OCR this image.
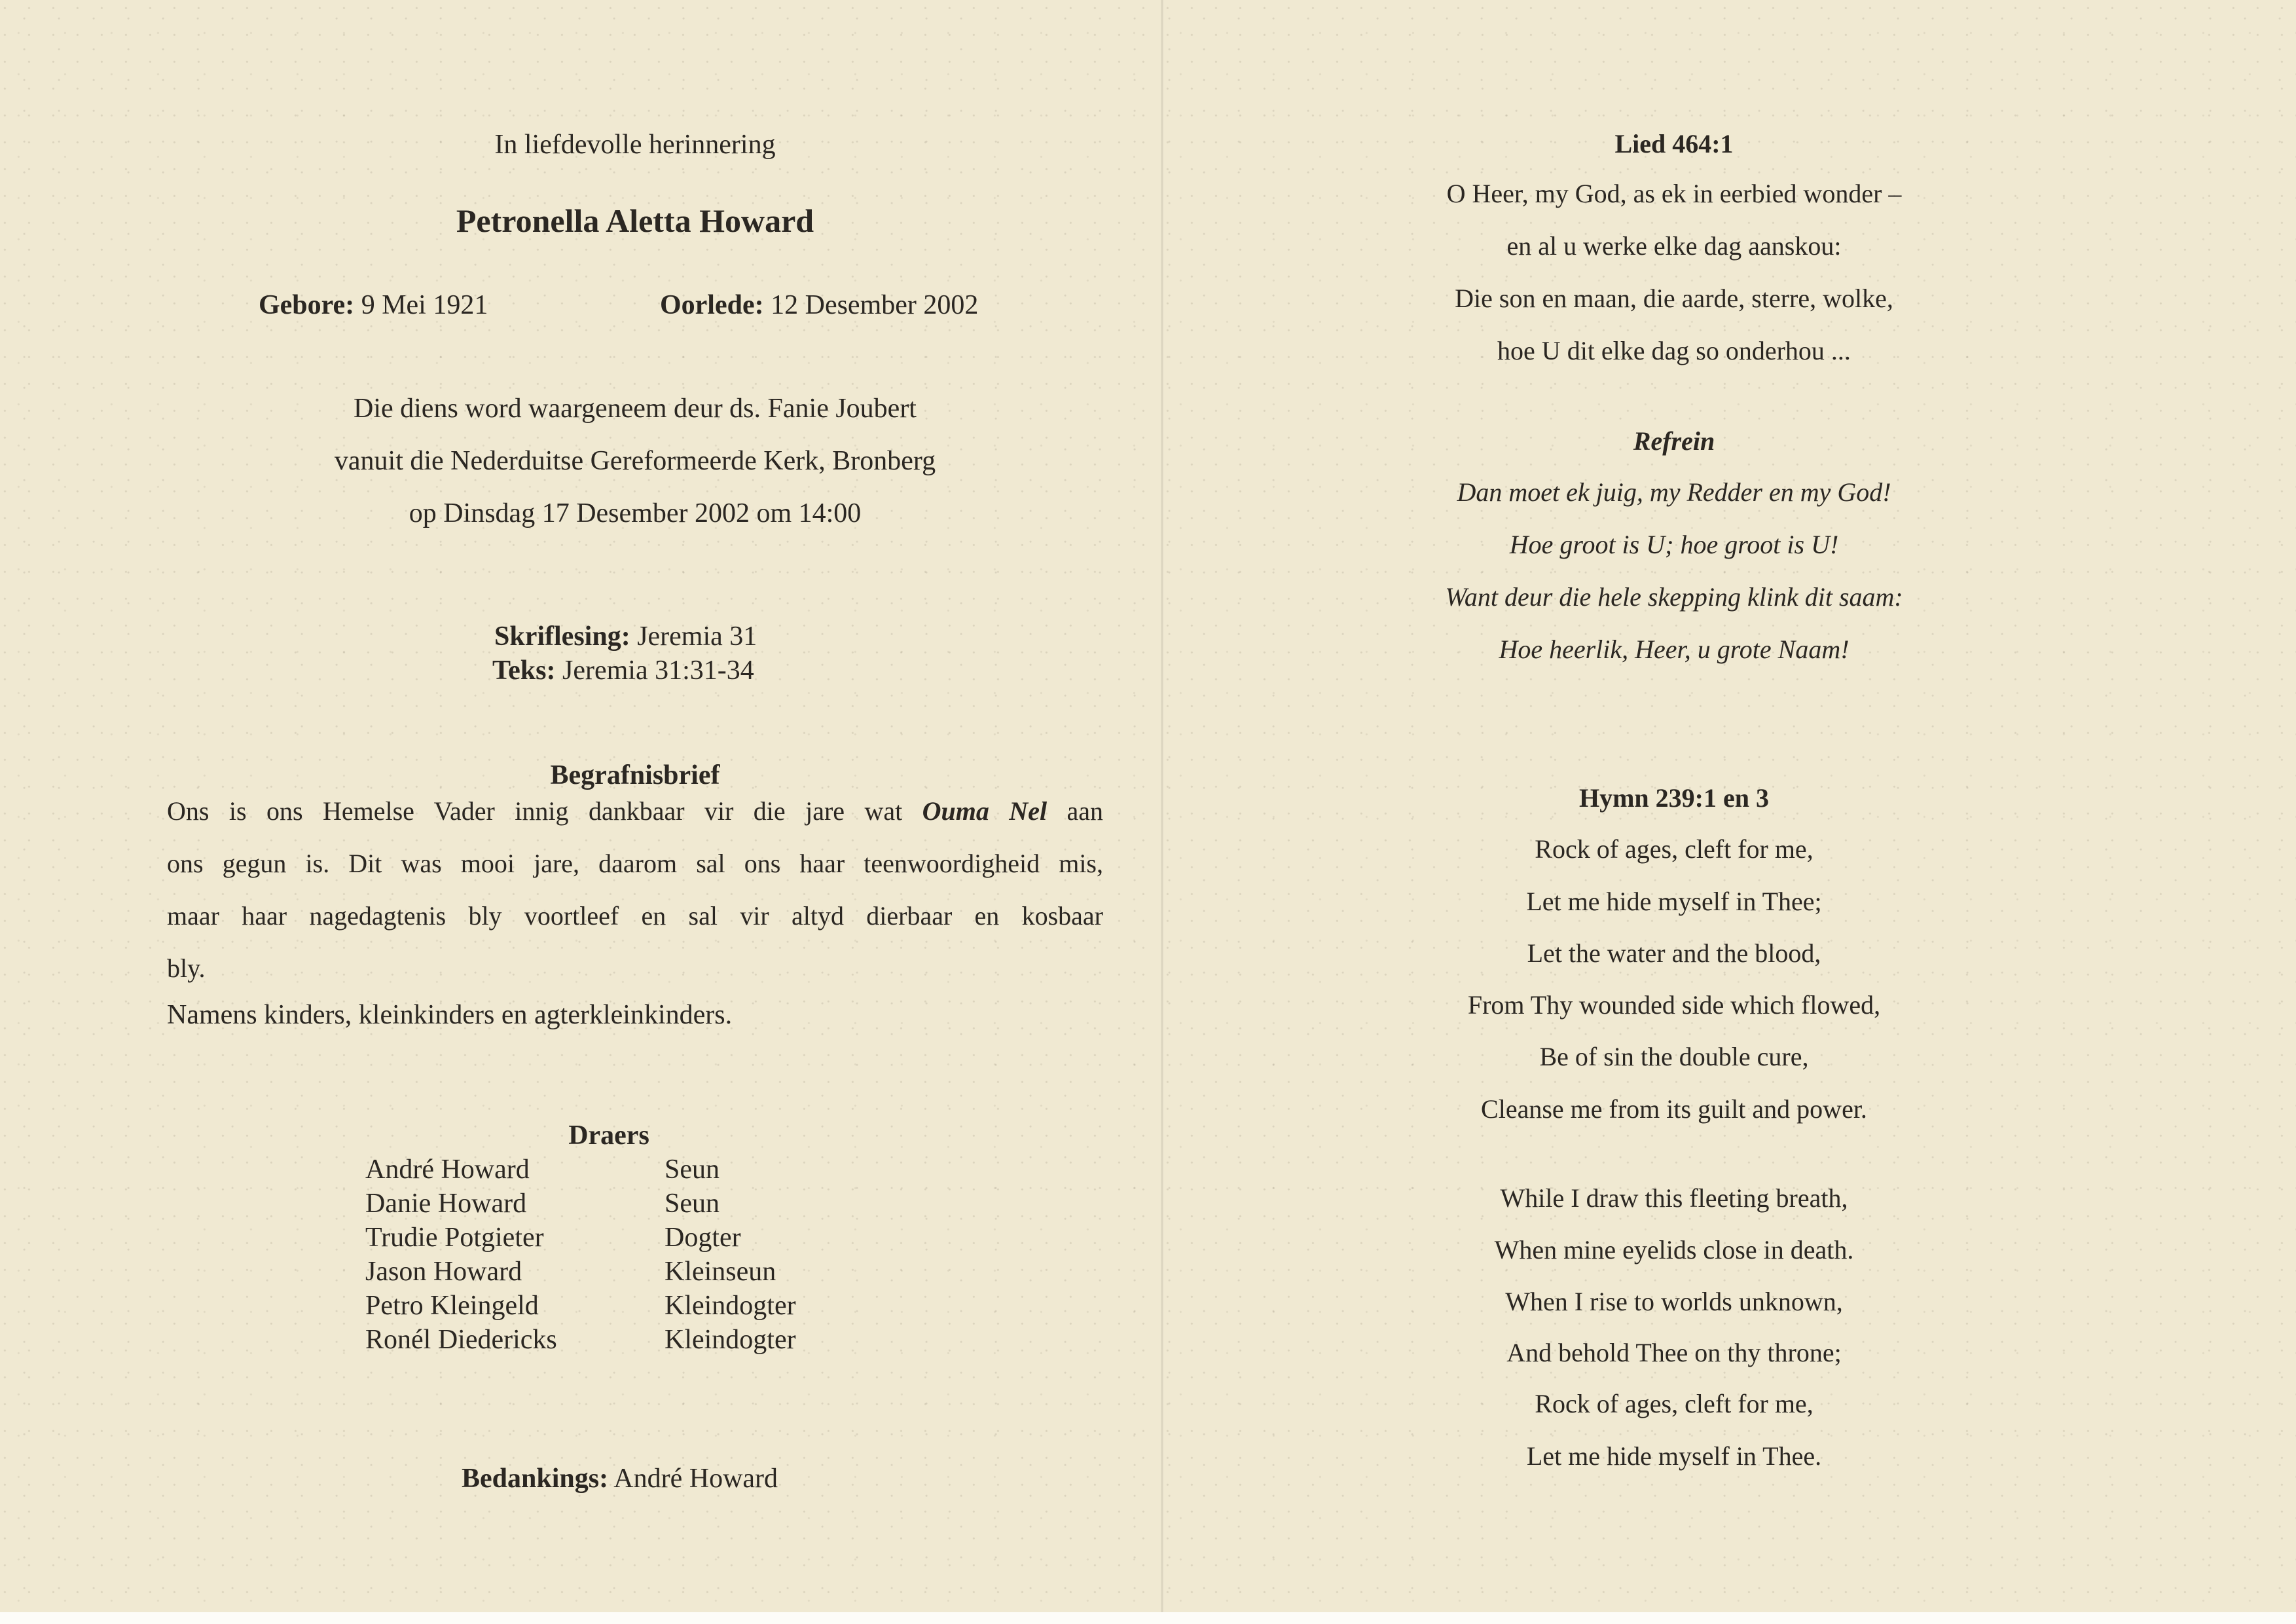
In liefdevolle herinnering
Petronella Aletta Howard
Gebore: 9 Mei 1921	Oorlede: 12 Desember 2002
Die diens word waargeneem deur ds. Fanie Joubert
vanuit die Nederduitse Gereformeerde Kerk, Bronberg
op Dinsdag 17 Desember 2002 om 14:00
Skriflesing: Jeremia 31
Teks: Jeremia 31:31-34
Begrafnisbrief
Ons is ons Hemelse Vader innig dankbaar vir die jare wat Ouma Nel aan
ons gegun is. Dit was mooi jare, daarom sal ons haar teenwoordigheid mis,
maar haar nagedagtenis bly voortleef en sal vir altyd dierbaar en kosbaar
bly.
Namens kinders, kleinkinders en agterkleinkinders.
Draers
André Howard	Seun
Danie Howard	Seun
Trudie Potgieter	Dogter
Jason Howard	Kleinseun
Petro Kleingeld	Kleindogter
Ronél Diedericks	Kleindogter
Bedankings: André Howard
Lied 464:1
O Heer, my God, as ek in eerbied wonder –
en al u werke elke dag aanskou:
Die son en maan, die aarde, sterre, wolke,
hoe U dit elke dag so onderhou ...
Refrein
Dan moet ek juig, my Redder en my God!
Hoe groot is U; hoe groot is U!
Want deur die hele skepping klink dit saam:
Hoe heerlik, Heer, u grote Naam!
Hymn 239:1 en 3
Rock of ages, cleft for me,
Let me hide myself in Thee;
Let the water and the blood,
From Thy wounded side which flowed,
Be of sin the double cure,
Cleanse me from its guilt and power.
While I draw this fleeting breath,
When mine eyelids close in death.
When I rise to worlds unknown,
And behold Thee on thy throne;
Rock of ages, cleft for me,
Let me hide myself in Thee.
